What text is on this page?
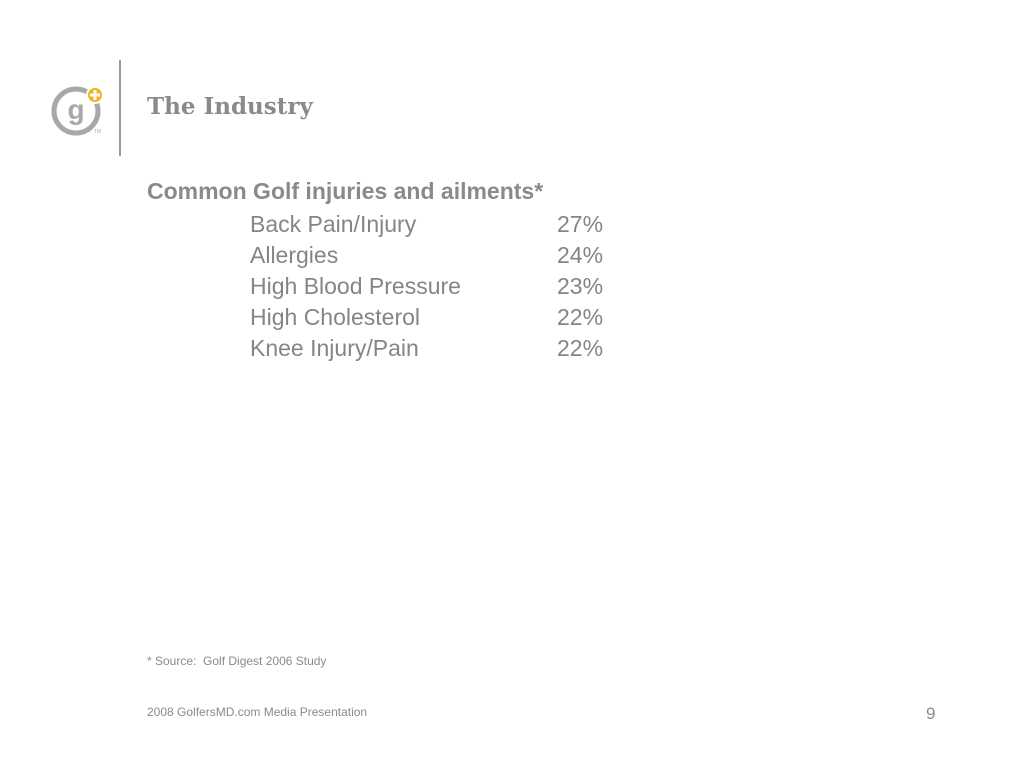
g
TM
The Industry
Common Golf injuries and ailments*
Back Pain/Injury	27%
Allergies	24%
High Blood Pressure	23%
High Cholesterol	22%
Knee Injury/Pain	22%
* Source:  Golf Digest 2006 Study
2008 GolfersMD.com Media Presentation	9
